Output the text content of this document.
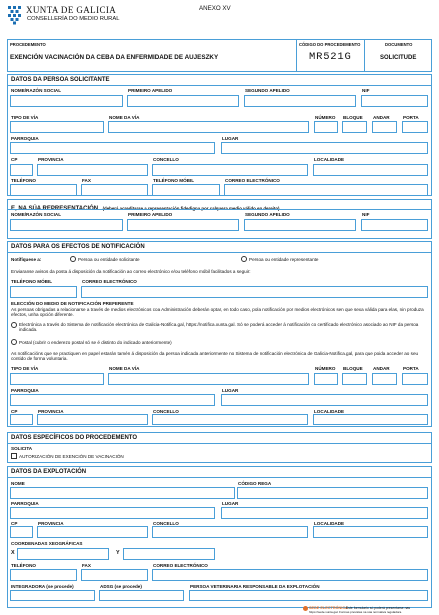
XUNTA DE GALICIA
CONSELLERÍA DO MEDIO RURAL
ANEXO XV
PROCEDEMENTO
EXENCIÓN VACINACIÓN DA CEBA DA ENFERMIDADE DE AUJESZKY
CÓDIGO DO PROCEDEMENTO
MR521G
DOCUMENTO
SOLICITUDE
DATOS DA PERSOA SOLICITANTE
NOME/RAZÓN SOCIAL	PRIMEIRO APELIDO	SEGUNDO APELIDO	NIF
TIPO DE VÍA	NOME DA VÍA	NÚMERO BLOQUE ANDAR	PORTA
PARROQUIA	LUGAR
CP	PROVINCIA	CONCELLO	LOCALIDADE
TELÉFONO	FAX	TELÉFONO MÓBIL	CORREO ELECTRÓNICO
E, NA SÚA REPRESENTACIÓN (deberá acreditarse a representación fidedigna por calquera medio válido en dereito)
NOME/RAZÓN SOCIAL	PRIMEIRO APELIDO	SEGUNDO APELIDO	NIF
DATOS PARA OS EFECTOS DE NOTIFICACIÓN
Notifíquese a:	Persoa ou entidade solicitante	Persoa ou entidade representante
Enviaranse avisos da posta á disposición da notificación ao correo electrónico e/ou teléfono móbil facilitados a seguir:
TELÉFONO MÓBIL	CORREO ELECTRÓNICO
ELECCIÓN DO MEDIO DE NOTIFICACIÓN PREFERENTE
As persoas obrigadas a relacionarse a través de medios electrónicos coa Administración deberán optar, en todo caso, pola notificación por medios electrónicos sen que sexa válida para elas, nin produza efectos, unha opción diferente.
Electrónica a través do Sistema de notificación electrónica de Galicia-Notifica.gal, https://notifica.xunta.gal. Só se poderá acceder á notificación co certificado electrónico asociado ao NIF da persoa indicada.
Postal (cubrir o enderezo postal só se é distinto do indicado anteriormente)
As notificacións que se practiquen en papel estarán tamén á disposición da persoa indicada anteriormente no Sistema de notificación electrónica de Galicia-Notifica.gal, para que poida acceder ao seu contido de forma voluntaria.
TIPO DE VÍA	NOME DA VÍA	NÚMERO BLOQUE ANDAR	PORTA
PARROQUIA	LUGAR
CP	PROVINCIA	CONCELLO	LOCALIDADE
DATOS ESPECÍFICOS DO PROCEDEMENTO
SOLICITA
AUTORIZACIÓN DE EXENCIÓN DE VACINACIÓN
DATOS DA EXPLOTACIÓN
NOME	CÓDIGO REGA
PARROQUIA	LUGAR
CP	PROVINCIA	CONCELLO	LOCALIDADE
COORDENADAS XEOGRÁFICAS
X	Y
TELÉFONO	FAX	CORREO ELECTRÓNICO
INTEGRADORA (se procede)	ADSG (se procede)	PERSOA VETERINARIA RESPONSABLE DA EXPLOTACIÓN
SEDE ELECTRÓNICA
Este formulario só poderá presentarse nas
https://sede.xunta.gal. Formas previstas na súa normativa reguladora.
